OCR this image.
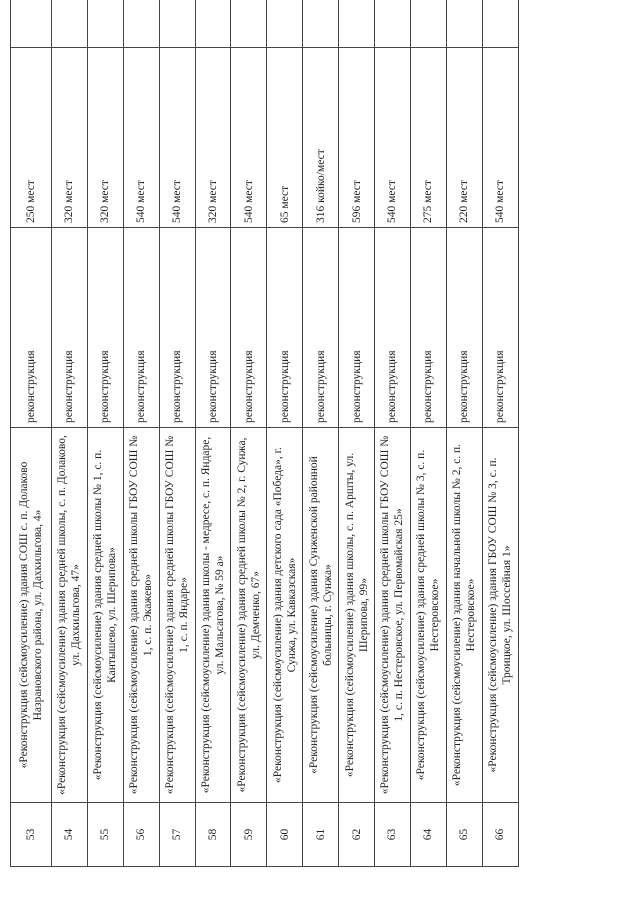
53	«Реконструкция (сейсмоусиление) здания СОШ с. п. Долаково Назрановского района, ул. Дахкильгова, 4»	реконструкция	250 мест	
54	«Реконструкция (сейсмоусиление) здания средней школы, с. п. Долаково, ул. Дахкильгова, 47»	реконструкция	320 мест	
55	«Реконструкция (сейсмоусиление) здания средней школы № 1, с. п. Кантышево, ул. Шерипова»	реконструкция	320 мест	
56	«Реконструкция (сейсмоусиление) здания средней школы ГБОУ СОШ № 1, с. п. Экажево»	реконструкция	540 мест	
57	«Реконструкция (сейсмоусиление) здания средней школы ГБОУ СОШ № 1, с. п. Яндаре»	реконструкция	540 мест	
58	«Реконструкция (сейсмоусиление) здания школы - медресе, с. п. Яндаре, ул. Мальсагова, № 59 а»	реконструкция	320 мест	
59	«Реконструкция (сейсмоусиление) здания средней школы № 2, г. Сунжа, ул. Демченко, 67»	реконструкция	540 мест	
60	«Реконструкция (сейсмоусиление) здания детского сада «Победа», г. Сунжа, ул. Кавказская»	реконструкция	65 мест	
61	«Реконструкция (сейсмоусиление) здания Сунженской районной больницы, г. Сунжа»	реконструкция	316 койко/мест	
62	«Реконструкция (сейсмоусиление) здания школы, с. п. Аршты, ул. Шерипова, 99»	реконструкция	596 мест	
63	«Реконструкция (сейсмоусиление) здания средней школы ГБОУ СОШ № 1, с. п. Нестеровское, ул. Первомайская 25»	реконструкция	540 мест	
64	«Реконструкция (сейсмоусиление) здания средней школы № 3, с. п. Нестеровское»	реконструкция	275 мест	
65	«Реконструкция (сейсмоусиление) здания начальной школы № 2, с. п. Нестеровское»	реконструкция	220 мест	
66	«Реконструкция (сейсмоусиление) здания ГБОУ СОШ № 3, с. п. Троицкое, ул. Шоссейная 1»	реконструкция	540 мест	
